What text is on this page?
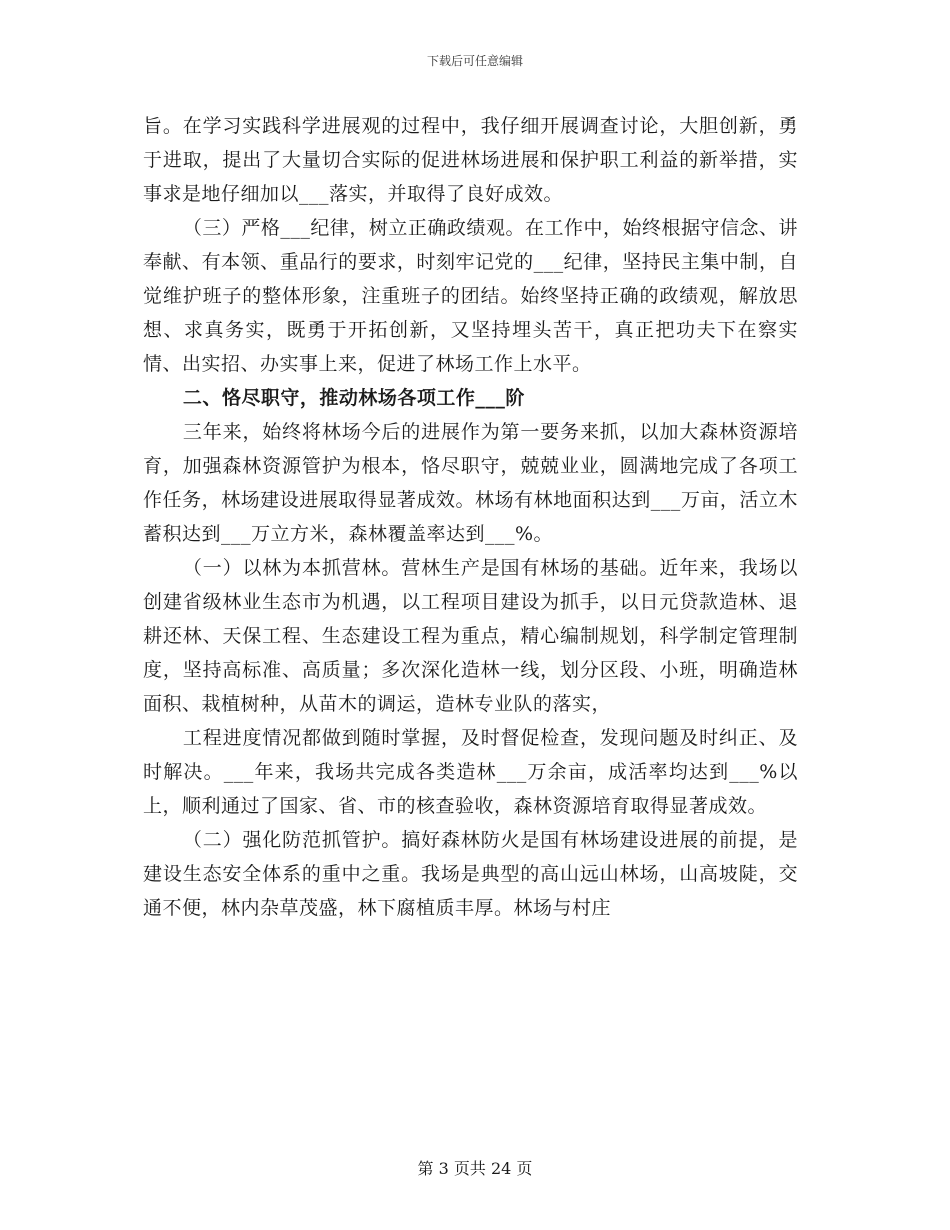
下载后可任意编辑

旨。在学习实践科学进展观的过程中，我仔细开展调查讨论，大胆创新，勇于进取，提出了大量切合实际的促进林场进展和保护职工利益的新举措，实事求是地仔细加以___落实，并取得了良好成效。

（三）严格___纪律，树立正确政绩观。在工作中，始终根据守信念、讲奉献、有本领、重品行的要求，时刻牢记党的___纪律，坚持民主集中制，自觉维护班子的整体形象，注重班子的团结。始终坚持正确的政绩观，解放思想、求真务实，既勇于开拓创新，又坚持埋头苦干，真正把功夫下在察实情、出实招、办实事上来，促进了林场工作上水平。

二、恪尽职守，推动林场各项工作___阶

三年来，始终将林场今后的进展作为第一要务来抓，以加大森林资源培育，加强森林资源管护为根本，恪尽职守，兢兢业业，圆满地完成了各项工作任务，林场建设进展取得显著成效。林场有林地面积达到___万亩，活立木蓄积达到___万立方米，森林覆盖率达到___%。

（一）以林为本抓营林。营林生产是国有林场的基础。近年来，我场以创建省级林业生态市为机遇，以工程项目建设为抓手，以日元贷款造林、退耕还林、天保工程、生态建设工程为重点，精心编制规划，科学制定管理制度，坚持高标准、高质量；多次深化造林一线，划分区段、小班，明确造林面积、栽植树种，从苗木的调运，造林专业队的落实，

工程进度情况都做到随时掌握，及时督促检查，发现问题及时纠正、及时解决。___年来，我场共完成各类造林___万余亩，成活率均达到___%以上，顺利通过了国家、省、市的核查验收，森林资源培育取得显著成效。

（二）强化防范抓管护。搞好森林防火是国有林场建设进展的前提，是建设生态安全体系的重中之重。我场是典型的高山远山林场，山高坡陡，交通不便，林内杂草茂盛，林下腐植质丰厚。林场与村庄

第 3 页共 24 页
